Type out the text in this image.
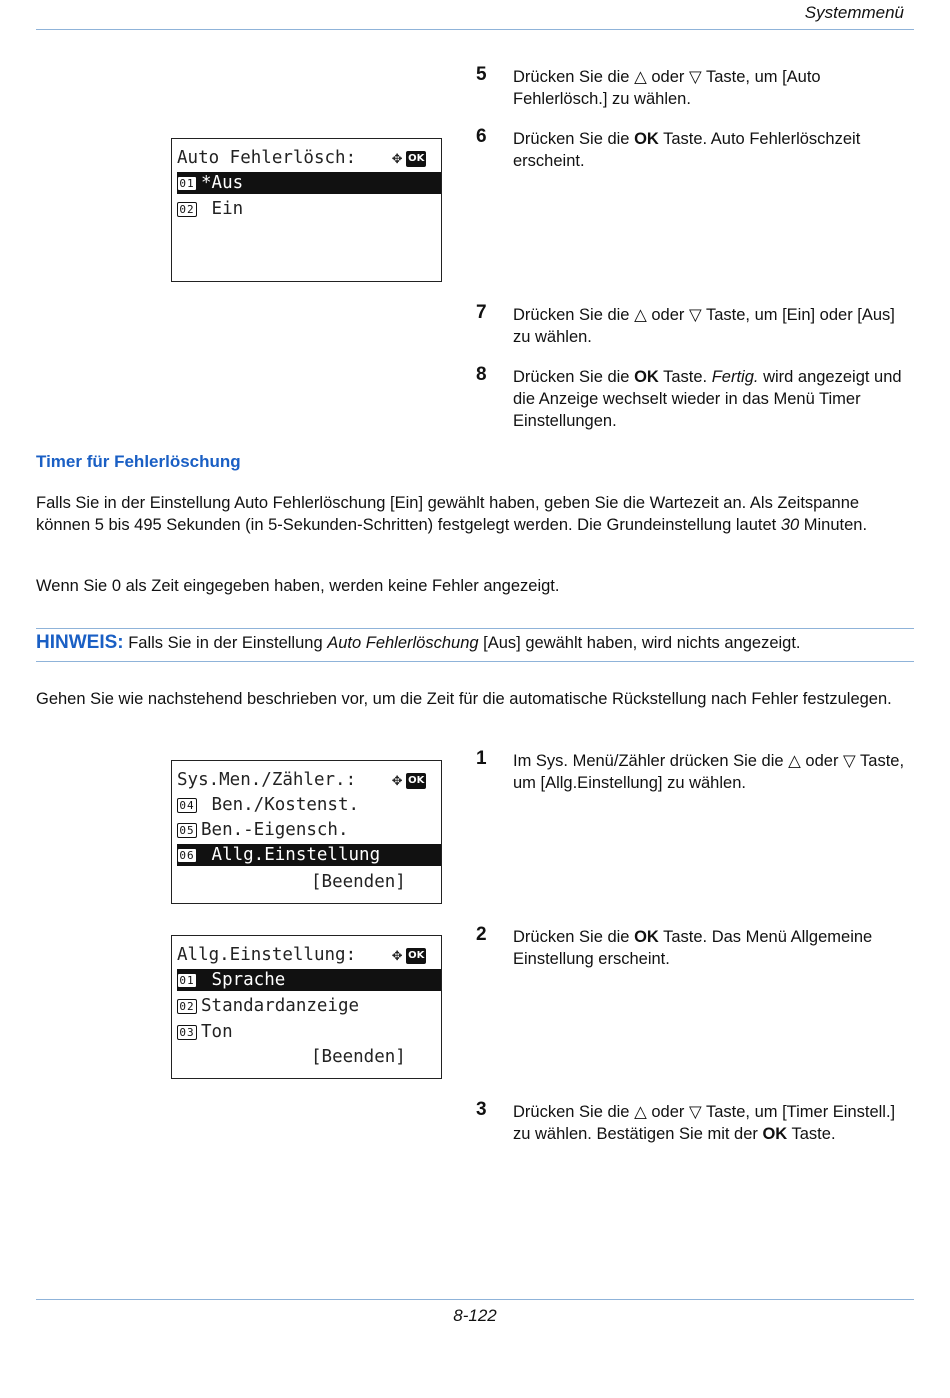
Systemmenü
5 Drücken Sie die △ oder ▽ Taste, um [Auto Fehlerlösch.] zu wählen.
6 Drücken Sie die OK Taste. Auto Fehlerlöschzeit erscheint.
Auto Fehlerlösch: ✥ OK
01 *Aus
02 Ein
7 Drücken Sie die △ oder ▽ Taste, um [Ein] oder [Aus] zu wählen.
8 Drücken Sie die OK Taste. Fertig. wird angezeigt und die Anzeige wechselt wieder in das Menü Timer Einstellungen.
Timer für Fehlerlöschung
Falls Sie in der Einstellung Auto Fehlerlöschung [Ein] gewählt haben, geben Sie die Wartezeit an. Als Zeitspanne können 5 bis 495 Sekunden (in 5-Sekunden-Schritten) festgelegt werden. Die Grundeinstellung lautet 30 Minuten.
Wenn Sie 0 als Zeit eingegeben haben, werden keine Fehler angezeigt.
HINWEIS: Falls Sie in der Einstellung Auto Fehlerlöschung [Aus] gewählt haben, wird nichts angezeigt.
Gehen Sie wie nachstehend beschrieben vor, um die Zeit für die automatische Rückstellung nach Fehler festzulegen.
Sys.Men./Zähler.: ✥ OK
04 Ben./Kostenst.
05 Ben.-Eigensch.
06 Allg.Einstellung
[Beenden]
1 Im Sys. Menü/Zähler drücken Sie die △ oder ▽ Taste, um [Allg.Einstellung] zu wählen.
2 Drücken Sie die OK Taste. Das Menü Allgemeine Einstellung erscheint.
Allg.Einstellung: ✥ OK
01 Sprache
02 Standardanzeige
03 Ton
[Beenden]
3 Drücken Sie die △ oder ▽ Taste, um [Timer Einstell.] zu wählen. Bestätigen Sie mit der OK Taste.
8-122
